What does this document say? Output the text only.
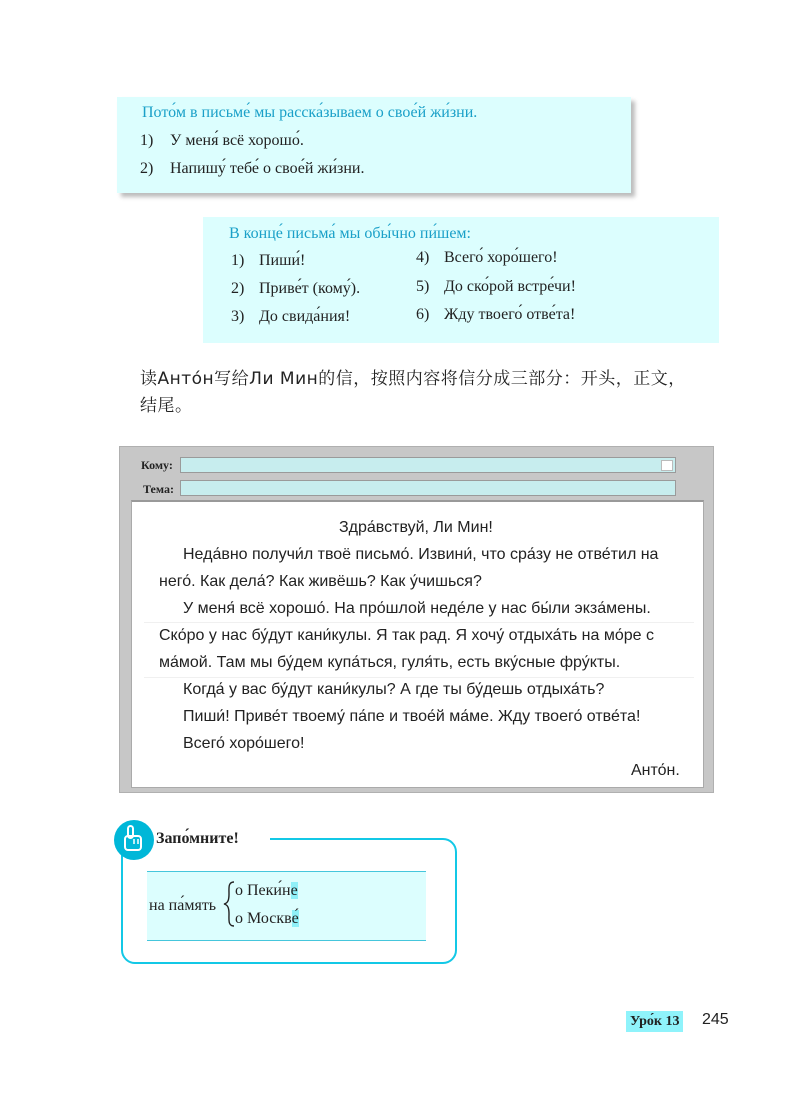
Пото́м в письме́ мы расска́зываем о свое́й жи́зни.
1) У меня́ всё хорошо́.
2) Напишу́ тебе́ о свое́й жи́зни.
В конце́ письма́ мы обы́чно пи́шем:
1) Пиши́!
2) Приве́т (кому́).
3) До свида́ния!
4) Всего́ хоро́шего!
5) До ско́рой встре́чи!
6) Жду твоего́ отве́та!
读Анто́н写给Ли Мин的信，按照内容将信分成三部分：开头，正文，
结尾。
Кому:
Тема:
Здра́вствуй, Ли Мин!
Неда́вно получи́л твоё письмо́. Извини́, что сра́зу не отве́тил на
него́. Как дела́? Как живёшь? Как у́чишься?
У меня́ всё хорошо́. На про́шлой неде́ле у нас бы́ли экза́мены.
Ско́ро у нас бу́дут кани́кулы. Я так рад. Я хочу́ отдыха́ть на мо́ре с
ма́мой. Там мы бу́дем купа́ться, гуля́ть, есть вку́сные фру́кты.
Когда́ у вас бу́дут кани́кулы? А где ты бу́дешь отдыха́ть?
Пиши́! Приве́т твоему́ па́пе и твое́й ма́ме. Жду твоего́ отве́та!
Всего́ хоро́шего!
Анто́н.
Запо́мните!
на па́мять
о Пеки́не
о Москве́
Уро́к 13 245
